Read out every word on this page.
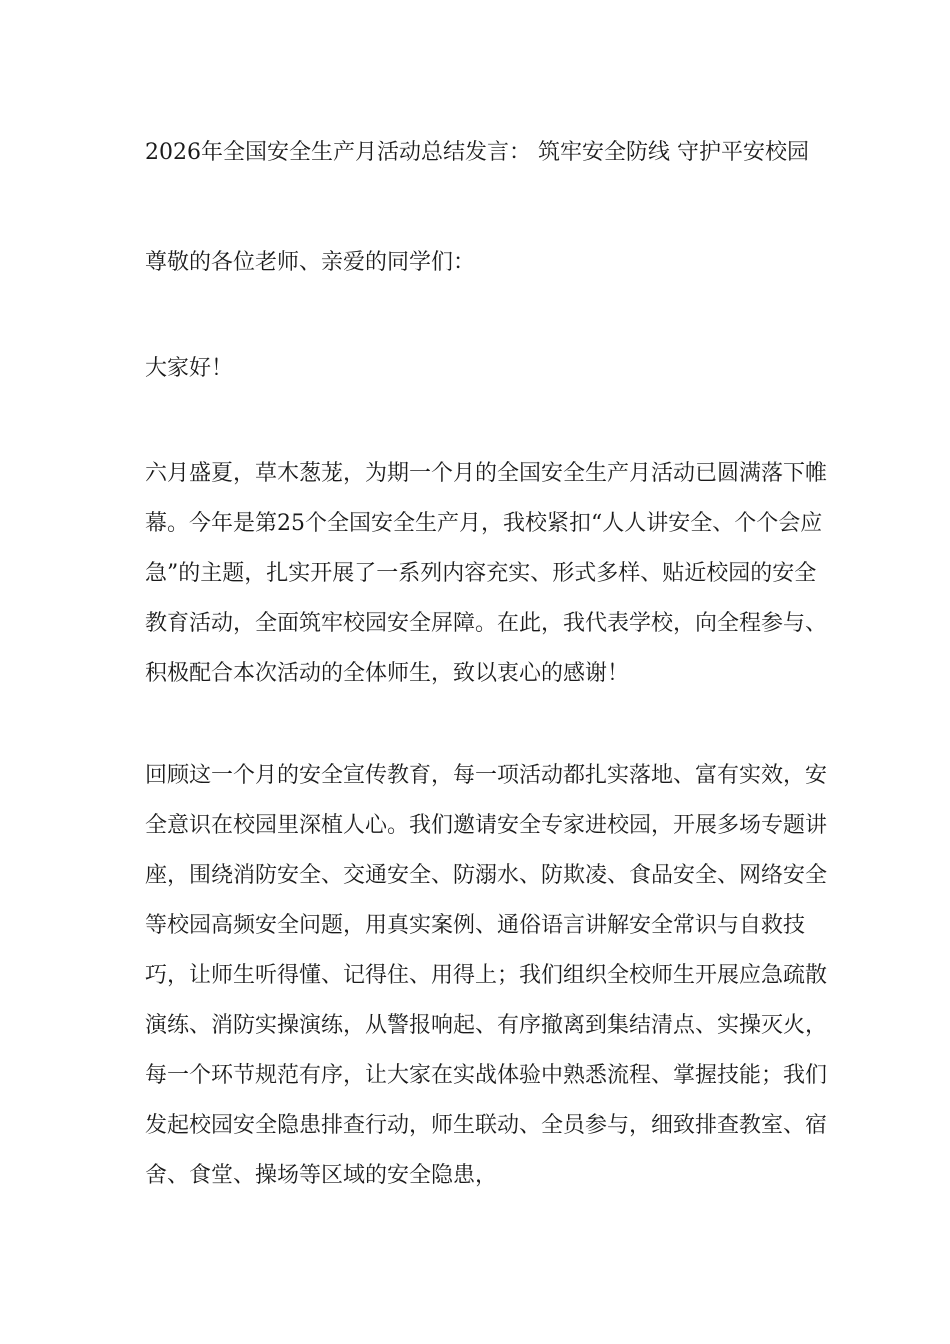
2026年全国安全生产月活动总结发言： 筑牢安全防线 守护平安校园

尊敬的各位老师、亲爱的同学们：

大家好！

六月盛夏，草木葱茏，为期一个月的全国安全生产月活动已圆满落下帷幕。今年是第25个全国安全生产月，我校紧扣“人人讲安全、个个会应急”的主题，扎实开展了一系列内容充实、形式多样、贴近校园的安全教育活动，全面筑牢校园安全屏障。在此，我代表学校，向全程参与、积极配合本次活动的全体师生，致以衷心的感谢！

回顾这一个月的安全宣传教育，每一项活动都扎实落地、富有实效，安全意识在校园里深植人心。我们邀请安全专家进校园，开展多场专题讲座，围绕消防安全、交通安全、防溺水、防欺凌、食品安全、网络安全等校园高频安全问题，用真实案例、通俗语言讲解安全常识与自救技巧，让师生听得懂、记得住、用得上；我们组织全校师生开展应急疏散演练、消防实操演练，从警报响起、有序撤离到集结清点、实操灭火，每一个环节规范有序，让大家在实战体验中熟悉流程、掌握技能；我们发起校园安全隐患排查行动，师生联动、全员参与，细致排查教室、宿舍、食堂、操场等区域的安全隐患，
